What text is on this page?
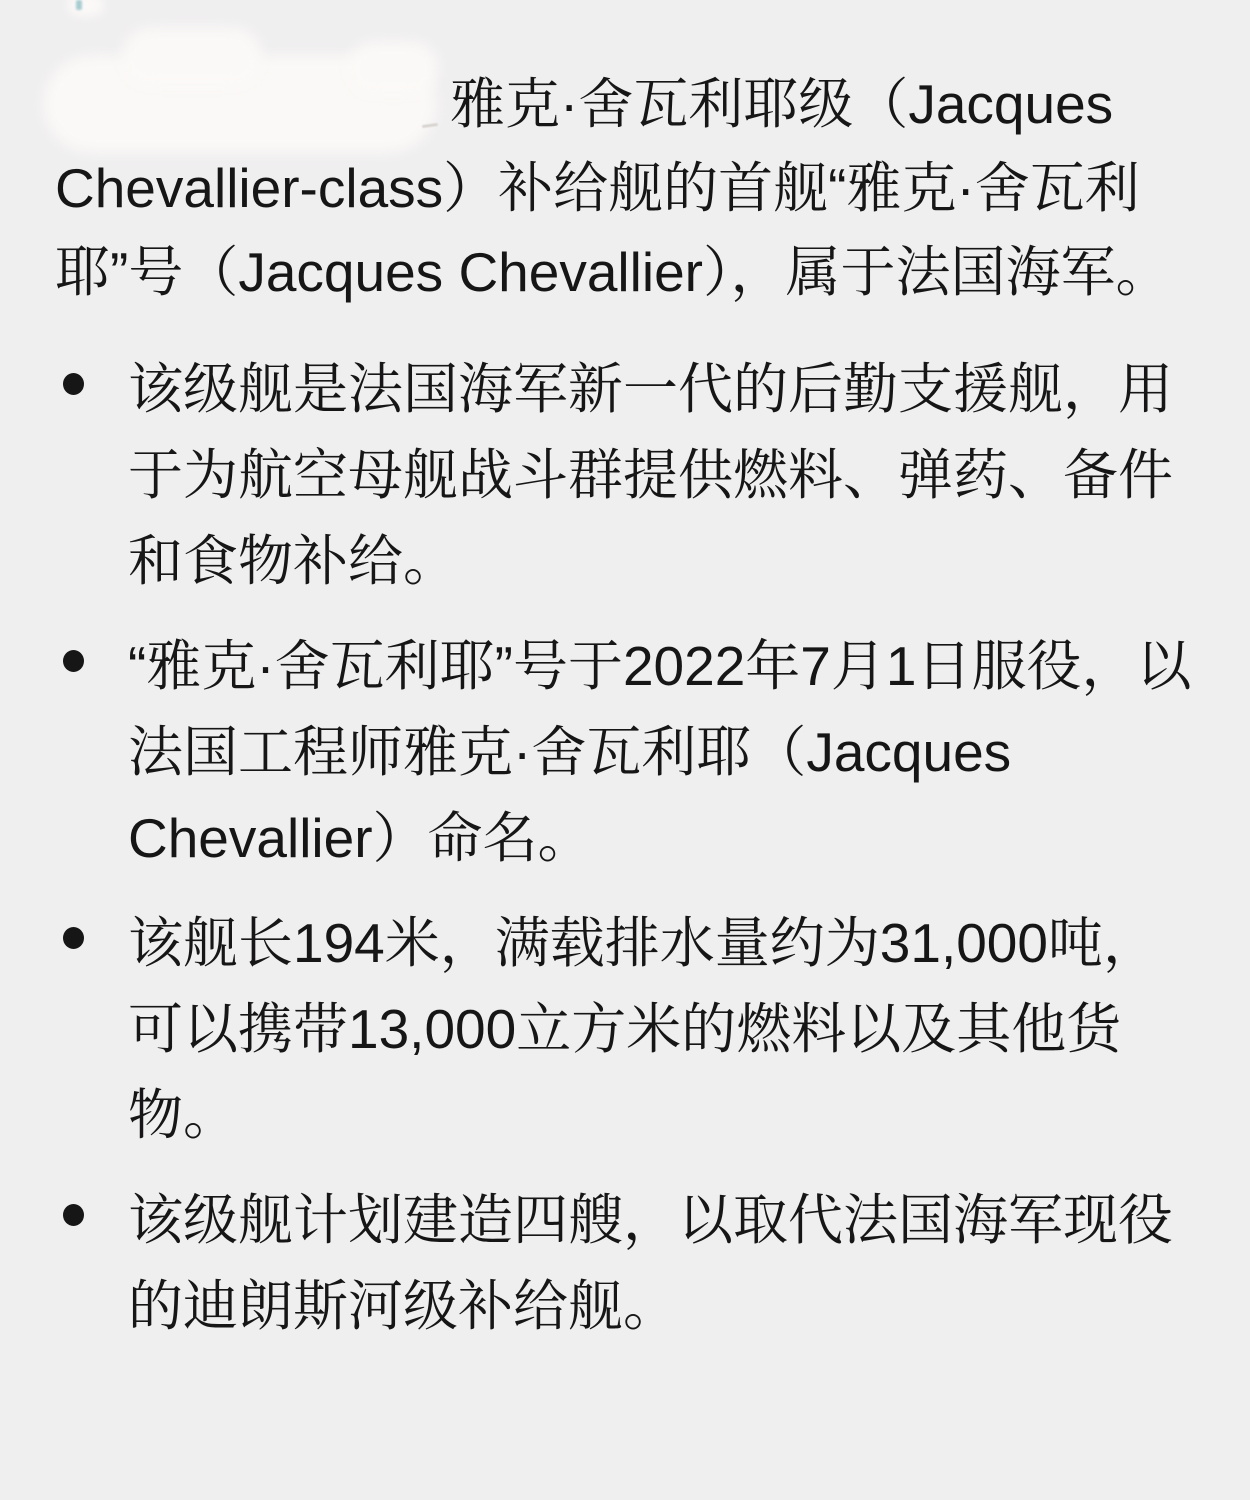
雅克·舍瓦利耶级（Jacques Chevallier-class）补给舰的首舰“雅克·舍瓦利耶”号（Jacques Chevallier），属于法国海军。

该级舰是法国海军新一代的后勤支援舰，用于为航空母舰战斗群提供燃料、弹药、备件和食物补给。
“雅克·舍瓦利耶”号于2022年7月1日服役，以法国工程师雅克·舍瓦利耶（Jacques Chevallier）命名。
该舰长194米，满载排水量约为31,000吨，可以携带13,000立方米的燃料以及其他货物。
该级舰计划建造四艘，以取代法国海军现役的迪朗斯河级补给舰。
